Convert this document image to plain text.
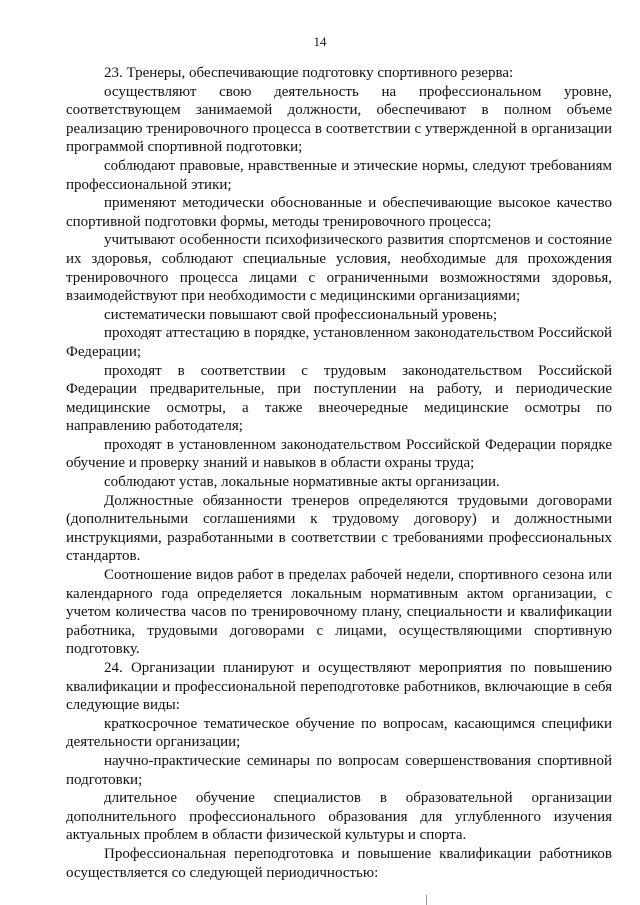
14

23. Тренеры, обеспечивающие подготовку спортивного резерва:

осуществляют свою деятельность на профессиональном уровне, соответствующем занимаемой должности, обеспечивают в полном объеме реализацию тренировочного процесса в соответствии с утвержденной в организации программой спортивной подготовки;

соблюдают правовые, нравственные и этические нормы, следуют требованиям профессиональной этики;

применяют методически обоснованные и обеспечивающие высокое качество спортивной подготовки формы, методы тренировочного процесса;

учитывают особенности психофизического развития спортсменов и состояние их здоровья, соблюдают специальные условия, необходимые для прохождения тренировочного процесса лицами с ограниченными возможностями здоровья, взаимодействуют при необходимости с медицинскими организациями;

систематически повышают свой профессиональный уровень;

проходят аттестацию в порядке, установленном законодательством Российской Федерации;

проходят в соответствии с трудовым законодательством Российской Федерации предварительные, при поступлении на работу, и периодические медицинские осмотры, а также внеочередные медицинские осмотры по направлению работодателя;

проходят в установленном законодательством Российской Федерации порядке обучение и проверку знаний и навыков в области охраны труда;

соблюдают устав, локальные нормативные акты организации.

Должностные обязанности тренеров определяются трудовыми договорами (дополнительными соглашениями к трудовому договору) и должностными инструкциями, разработанными в соответствии с требованиями профессиональных стандартов.

Соотношение видов работ в пределах рабочей недели, спортивного сезона или календарного года определяется локальным нормативным актом организации, с учетом количества часов по тренировочному плану, специальности и квалификации работника, трудовыми договорами с лицами, осуществляющими спортивную подготовку.

24. Организации планируют и осуществляют мероприятия по повышению квалификации и профессиональной переподготовке работников, включающие в себя следующие виды:

краткосрочное тематическое обучение по вопросам, касающимся специфики деятельности организации;

научно-практические семинары по вопросам совершенствования спортивной подготовки;

длительное обучение специалистов в образовательной организации дополнительного профессионального образования для углубленного изучения актуальных проблем в области физической культуры и спорта.

Профессиональная переподготовка и повышение квалификации работников осуществляется со следующей периодичностью:
